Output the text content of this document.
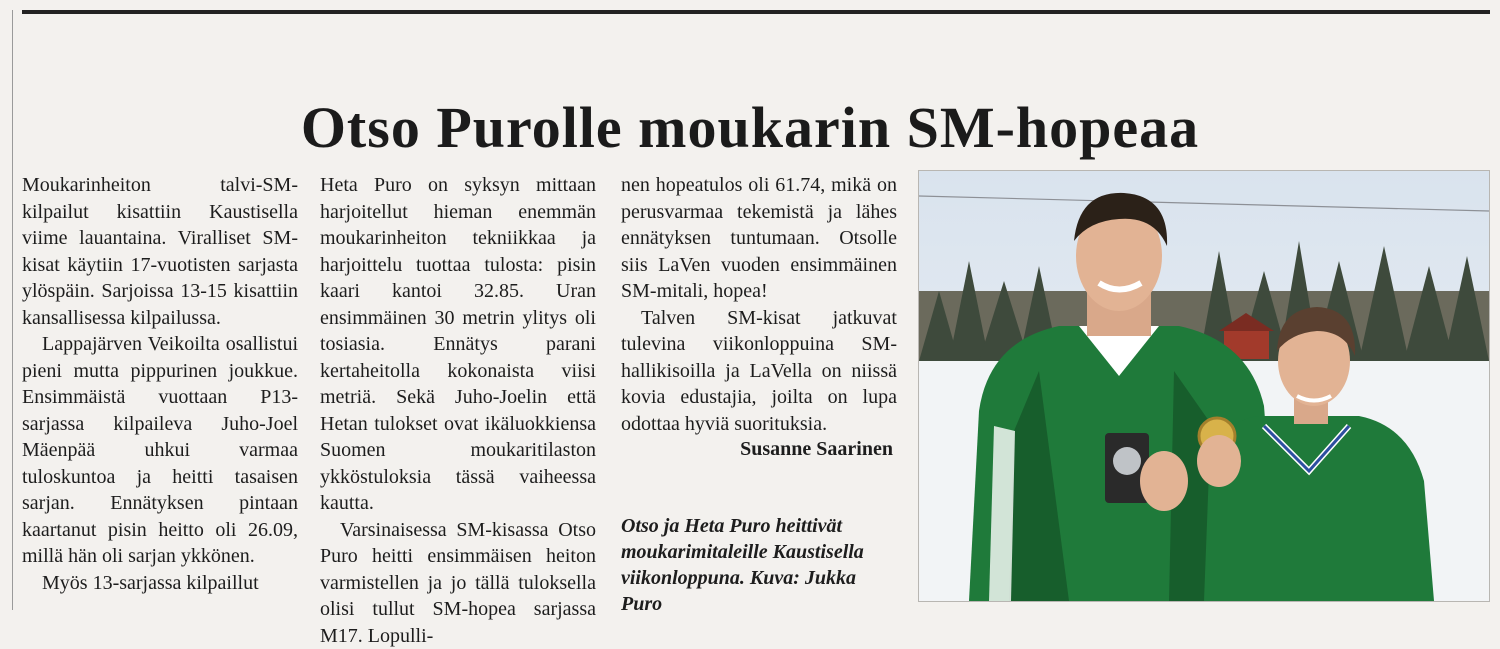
Otso Purolle moukarin SM-hopeaa

Moukarinheiton talvi-SM-kilpailut kisattiin Kaustisella viime lauantaina. Viralliset SM-kisat käytiin 17-vuotisten sarjasta ylöspäin. Sarjoissa 13-15 kisattiin kansallisessa kilpailussa.

Lappajärven Veikoilta osallistui pieni mutta pippurinen joukkue. Ensimmäistä vuottaan P13-sarjassa kilpaileva Juho-Joel Mäenpää uhkui varmaa tuloskuntoa ja heitti tasaisen sarjan. Ennätyksen pintaan kaartanut pisin heitto oli 26.09, millä hän oli sarjan ykkönen.

Myös 13-sarjassa kilpaillut

Heta Puro on syksyn mittaan harjoitellut hieman enemmän moukarinheiton tekniikkaa ja harjoittelu tuottaa tulosta: pisin kaari kantoi 32.85. Uran ensimmäinen 30 metrin ylitys oli tosiasia. Ennätys parani kertaheitolla kokonaista viisi metriä. Sekä Juho-Joelin että Hetan tulokset ovat ikäluokkiensa Suomen moukaritilaston ykköstuloksia tässä vaiheessa kautta.

Varsinaisessa SM-kisassa Otso Puro heitti ensimmäisen heiton varmistellen ja jo tällä tuloksella olisi tullut SM-hopea sarjassa M17. Lopulli-

nen hopeatulos oli 61.74, mikä on perusvarmaa tekemistä ja lähes ennätyksen tuntumaan. Otsolle siis LaVen vuoden ensimmäinen SM-mitali, hopea!

Talven SM-kisat jatkuvat tulevina viikonloppuina SM-hallikisoilla ja LaVella on niissä kovia edustajia, joilta on lupa odottaa hyviä suorituksia.

Susanne Saarinen
Otso ja Heta Puro heittivät moukarimitaleille Kaustisella viikonloppuna. Kuva: Jukka Puro
